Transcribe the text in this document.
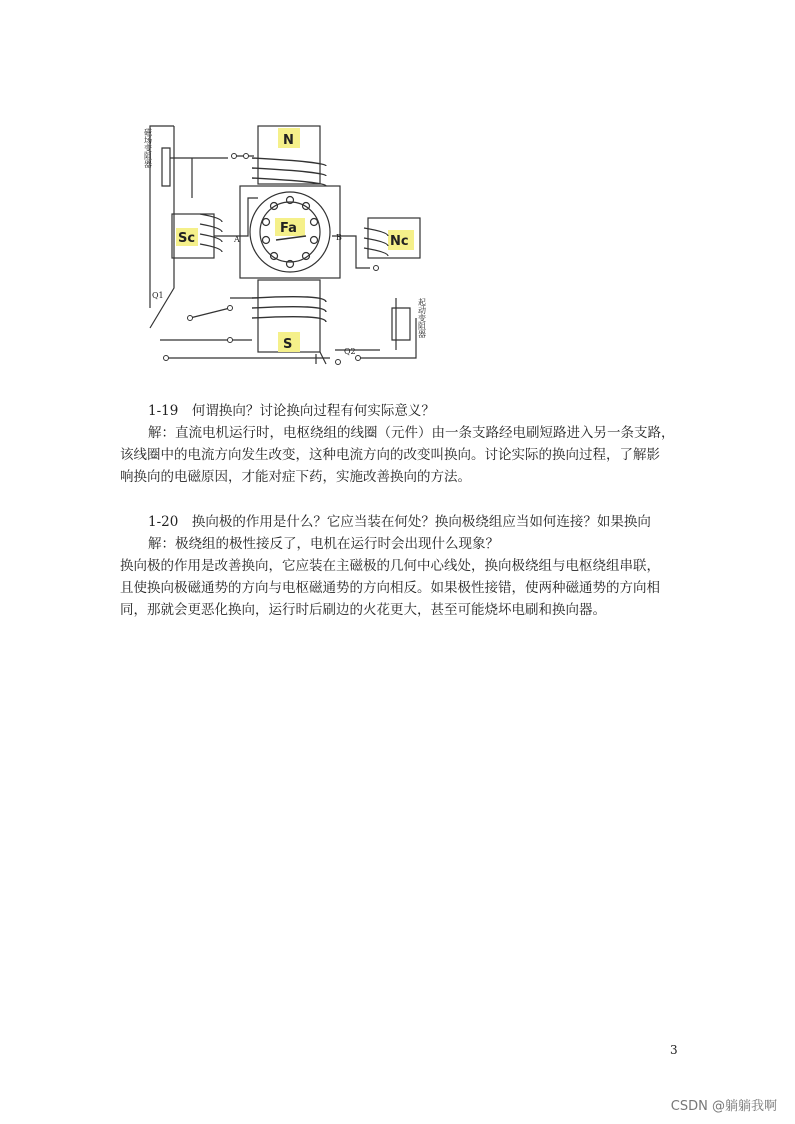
N
S
Sc	Nc
Fa
A	B
Q1
Q2
磁场变阻器
起动变阻器
1-19　何谓换向？讨论换向过程有何实际意义？
解：直流电机运行时，电枢绕组的线圈（元件）由一条支路经电刷短路进入另一条支路，
该线圈中的电流方向发生改变，这种电流方向的改变叫换向。讨论实际的换向过程，了解影
响换向的电磁原因，才能对症下药，实施改善换向的方法。
1-20　换向极的作用是什么？它应当装在何处？换向极绕组应当如何连接？如果换向
解：极绕组的极性接反了，电机在运行时会出现什么现象？
换向极的作用是改善换向，它应装在主磁极的几何中心线处，换向极绕组与电枢绕组串联，
且使换向极磁通势的方向与电枢磁通势的方向相反。如果极性接错，使两种磁通势的方向相
同，那就会更恶化换向，运行时后刷边的火花更大，甚至可能烧坏电刷和换向器。
3
CSDN @躺躺我啊
